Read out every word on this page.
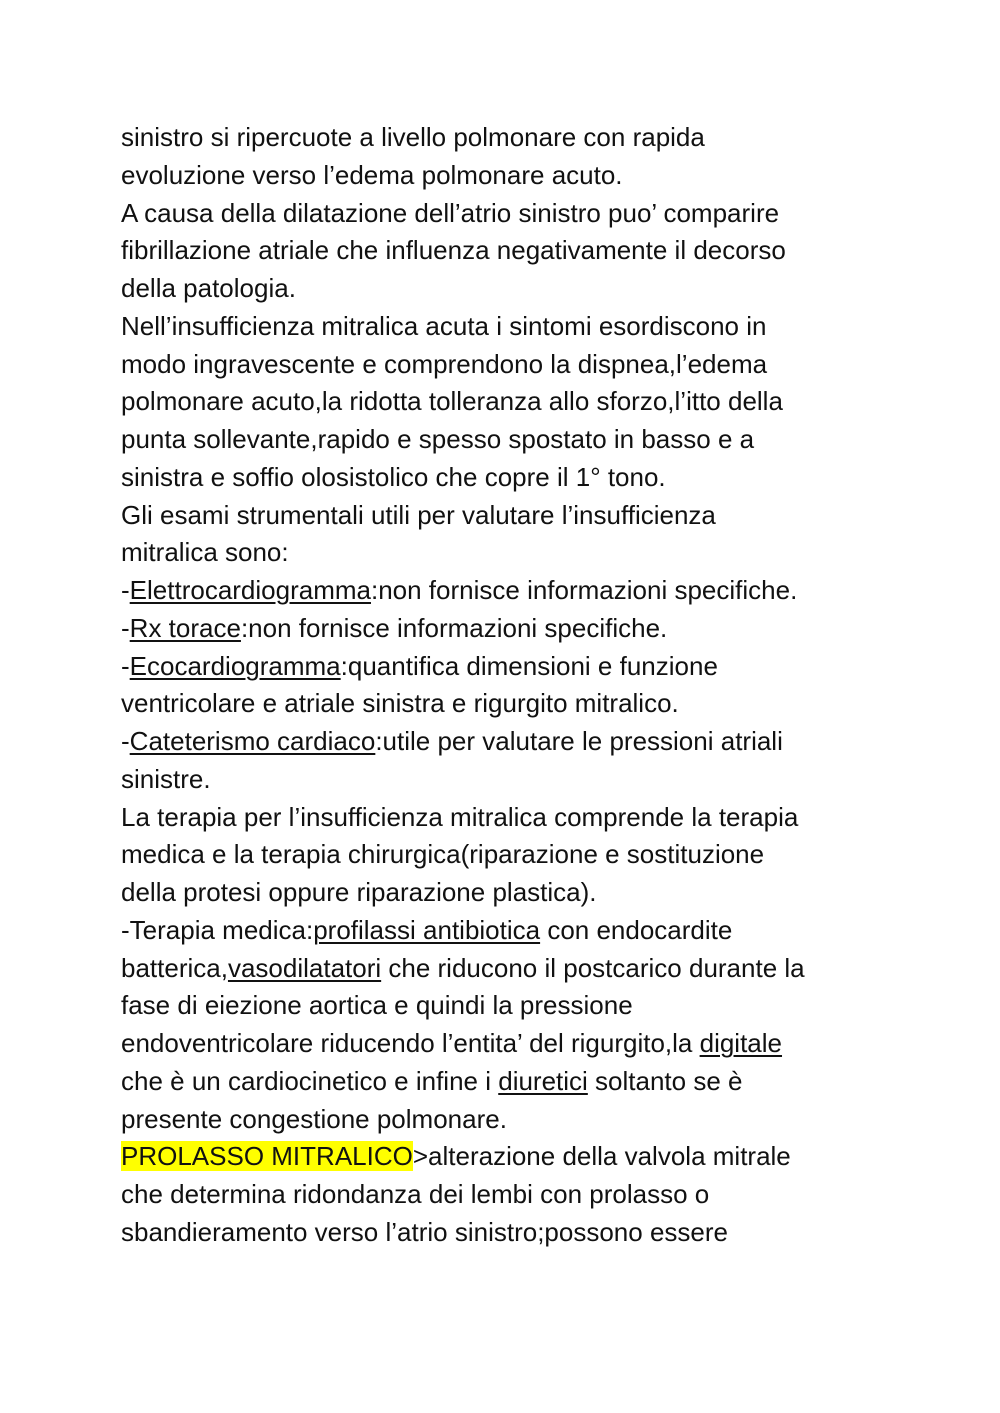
sinistro si ripercuote a livello polmonare con rapida
evoluzione verso l’edema polmonare acuto.
A causa della dilatazione dell’atrio sinistro puo’ comparire
fibrillazione atriale che influenza negativamente il decorso
della patologia.
Nell’insufficienza mitralica acuta i sintomi esordiscono in
modo ingravescente e comprendono la dispnea,l’edema
polmonare acuto,la ridotta tolleranza allo sforzo,l’itto della
punta sollevante,rapido e spesso spostato in basso e a
sinistra e soffio olosistolico che copre il 1° tono.
Gli esami strumentali utili per valutare l’insufficienza
mitralica sono:
-Elettrocardiogramma:non fornisce informazioni specifiche.
-Rx torace:non fornisce informazioni specifiche.
-Ecocardiogramma:quantifica dimensioni e funzione
ventricolare e atriale sinistra e rigurgito mitralico.
-Cateterismo cardiaco:utile per valutare le pressioni atriali
sinistre.
La terapia per l’insufficienza mitralica comprende la terapia
medica e la terapia chirurgica(riparazione e sostituzione
della protesi oppure riparazione plastica).
-Terapia medica:profilassi antibiotica con endocardite
batterica,vasodilatatori che riducono il postcarico durante la
fase di eiezione aortica e quindi la pressione
endoventricolare riducendo l’entita’ del rigurgito,la digitale
che è un cardiocinetico e infine i diuretici soltanto se è
presente congestione polmonare.
PROLASSO MITRALICO>alterazione della valvola mitrale
che determina ridondanza dei lembi con prolasso o
sbandieramento verso l’atrio sinistro;possono essere
